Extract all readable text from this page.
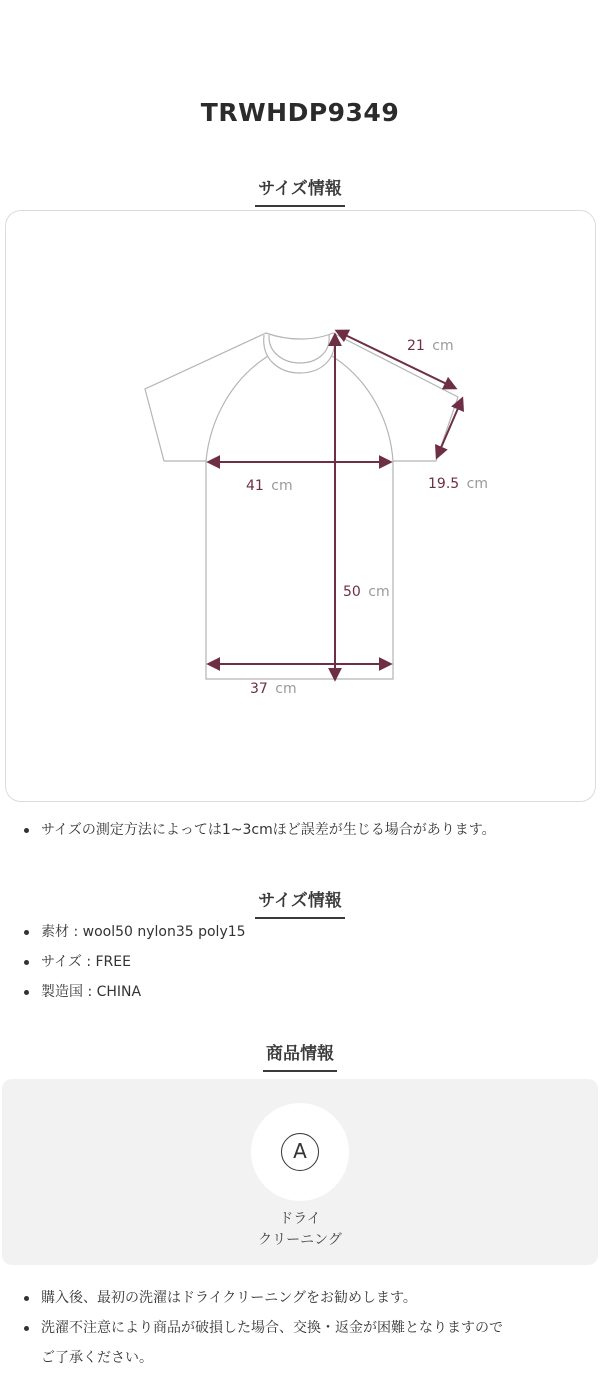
TRWHDP9349
サイズ情報
21 cm
19.5 cm
41 cm
50 cm
37 cm
サイズの測定方法によっては1~3cmほど誤差が生じる場合があります。
サイズ情報
素材 : wool50 nylon35 poly15
サイズ : FREE
製造国 : CHINA
商品情報
A
ドライ
クリーニング
購入後、最初の洗濯はドライクリーニングをお勧めします。
洗濯不注意により商品が破損した場合、交換・返金が困難となりますので
ご了承ください。
